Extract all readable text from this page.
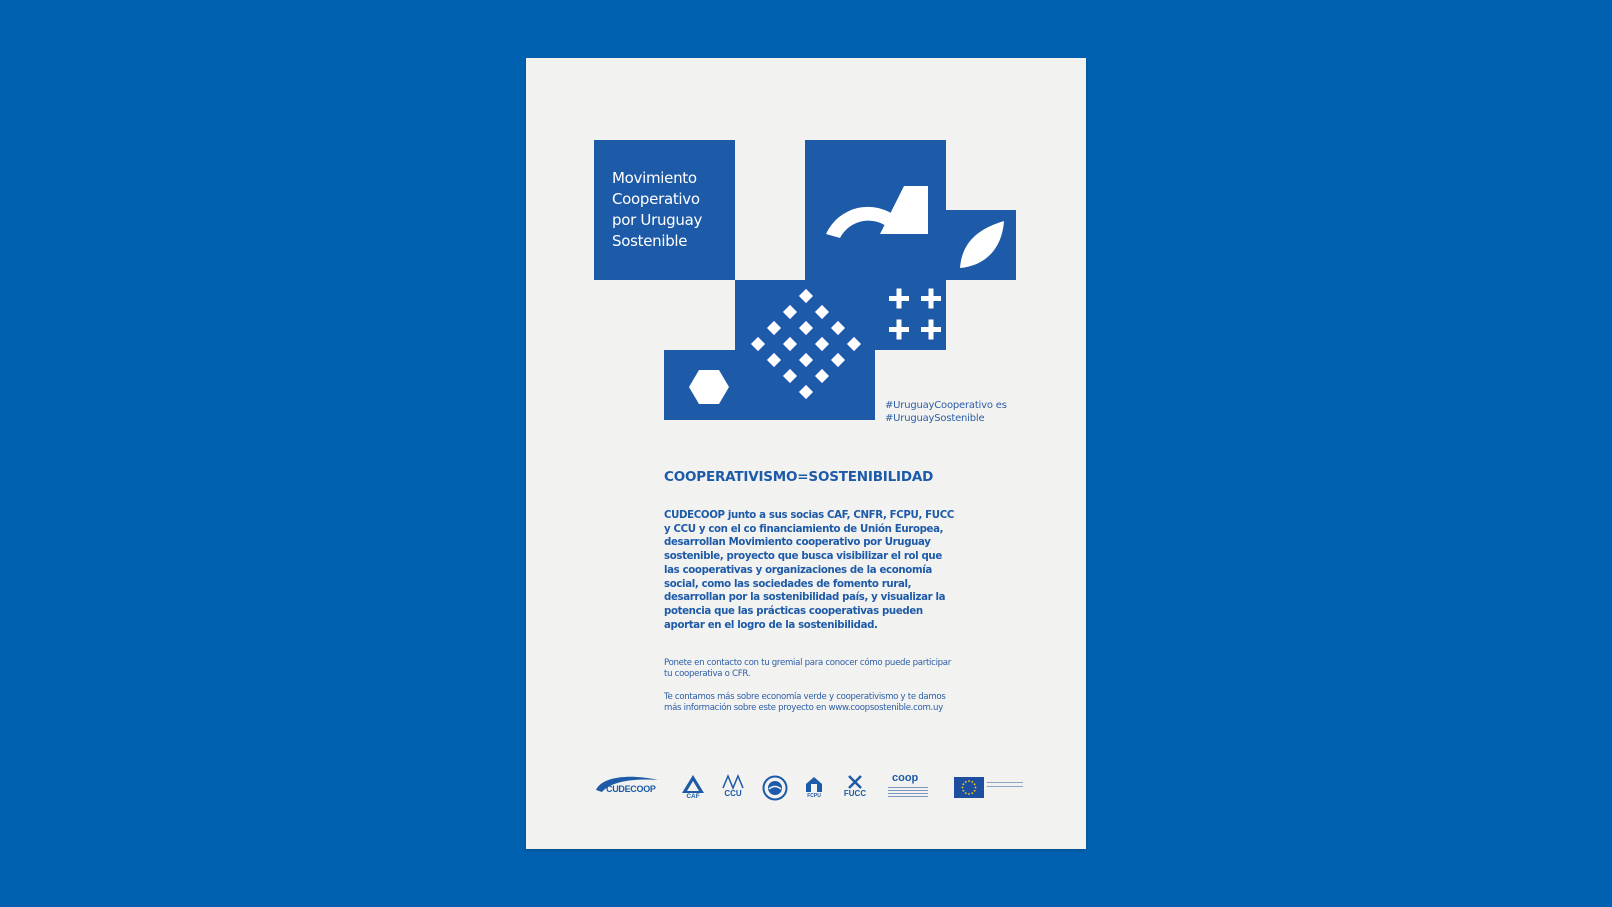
Movimiento
Cooperativo
por Uruguay
Sostenible
#UruguayCooperativo es
#UruguaySostenible
COOPERATIVISMO=SOSTENIBILIDAD
CUDECOOP junto a sus socias CAF, CNFR, FCPU, FUCC y CCU y con el co financiamiento de Unión Europea, desarrollan Movimiento cooperativo por Uruguay sostenible, proyecto que busca visibilizar el rol que las cooperativas y organizaciones de la economía social, como las sociedades de fomento rural, desarrollan por la sostenibilidad país, y visualizar la potencia que las prácticas cooperativas pueden aportar en el logro de la sostenibilidad.
Ponete en contacto con tu gremial para conocer cómo puede participar tu cooperativa o CFR.
Te contamos más sobre economía verde y cooperativismo y te damos más información sobre este proyecto en www.coopsostenible.com.uy
CUDECOOP
CAF	CCU	FCPU	FUCC
coop
